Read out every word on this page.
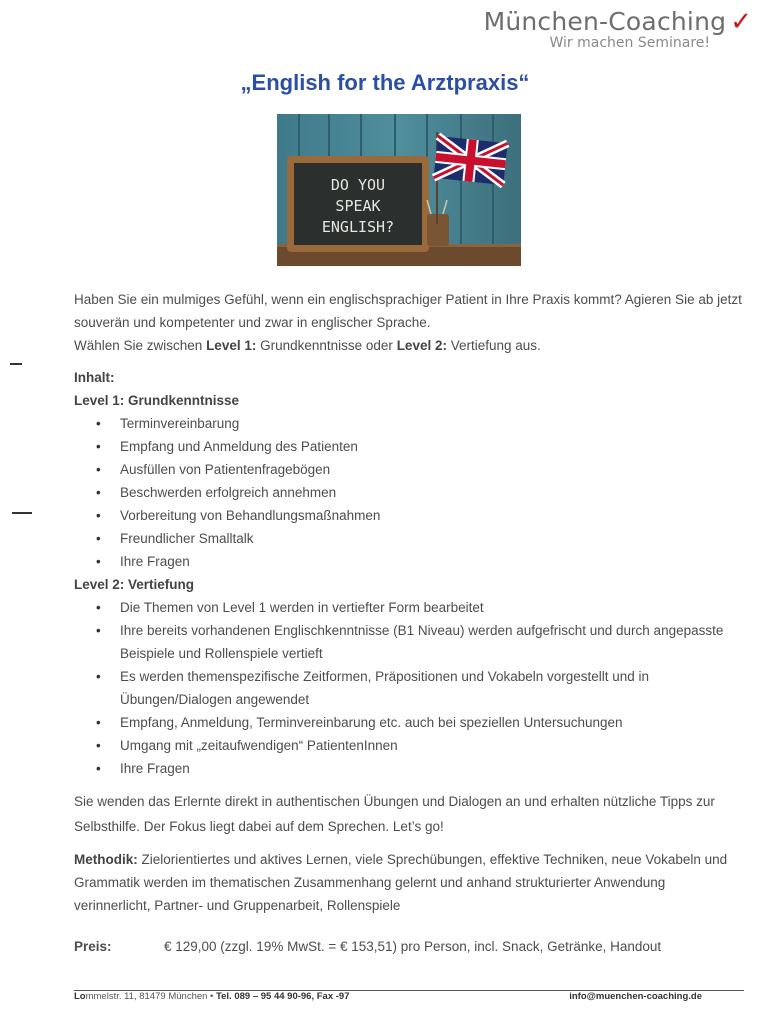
München-Coaching ✓
Wir machen Seminare!
„English for the Arztpraxis“
DO YOU
SPEAK
ENGLISH?

Haben Sie ein mulmiges Gefühl, wenn ein englischsprachiger Patient in Ihre Praxis kommt? Agieren Sie ab jetzt souverän und kompetenter und zwar in englischer Sprache.

Wählen Sie zwischen Level 1: Grundkenntnisse oder Level 2: Vertiefung aus.

Inhalt:

Level 1: Grundkenntnisse

• Terminvereinbarung
• Empfang und Anmeldung des Patienten
• Ausfüllen von Patientenfragebögen
• Beschwerden erfolgreich annehmen
• Vorbereitung von Behandlungsmaßnahmen
• Freundlicher Smalltalk
• Ihre Fragen

Level 2: Vertiefung

• Die Themen von Level 1 werden in vertiefter Form bearbeitet
• Ihre bereits vorhandenen Englischkenntnisse (B1 Niveau) werden aufgefrischt und durch angepasste Beispiele und Rollenspiele vertieft
• Es werden themenspezifische Zeitformen, Präpositionen und Vokabeln vorgestellt und in Übungen/Dialogen angewendet
• Empfang, Anmeldung, Terminvereinbarung etc. auch bei speziellen Untersuchungen
• Umgang mit „zeitaufwendigen“ PatientenInnen
• Ihre Fragen

Sie wenden das Erlernte direkt in authentischen Übungen und Dialogen an und erhalten nützliche Tipps zur Selbsthilfe. Der Fokus liegt dabei auf dem Sprechen. Let’s go!

Methodik: Zielorientiertes und aktives Lernen, viele Sprechübungen, effektive Techniken, neue Vokabeln und Grammatik werden im thematischen Zusammenhang gelernt und anhand strukturierter Anwendung verinnerlicht, Partner- und Gruppenarbeit, Rollenspiele

Preis:	€ 129,00 (zzgl. 19% MwSt. = € 153,51) pro Person, incl. Snack, Getränke, Handout
Lommelstr. 11, 81479 München • Tel. 089 – 95 44 90-96, Fax -97	info@muenchen-coaching.de
